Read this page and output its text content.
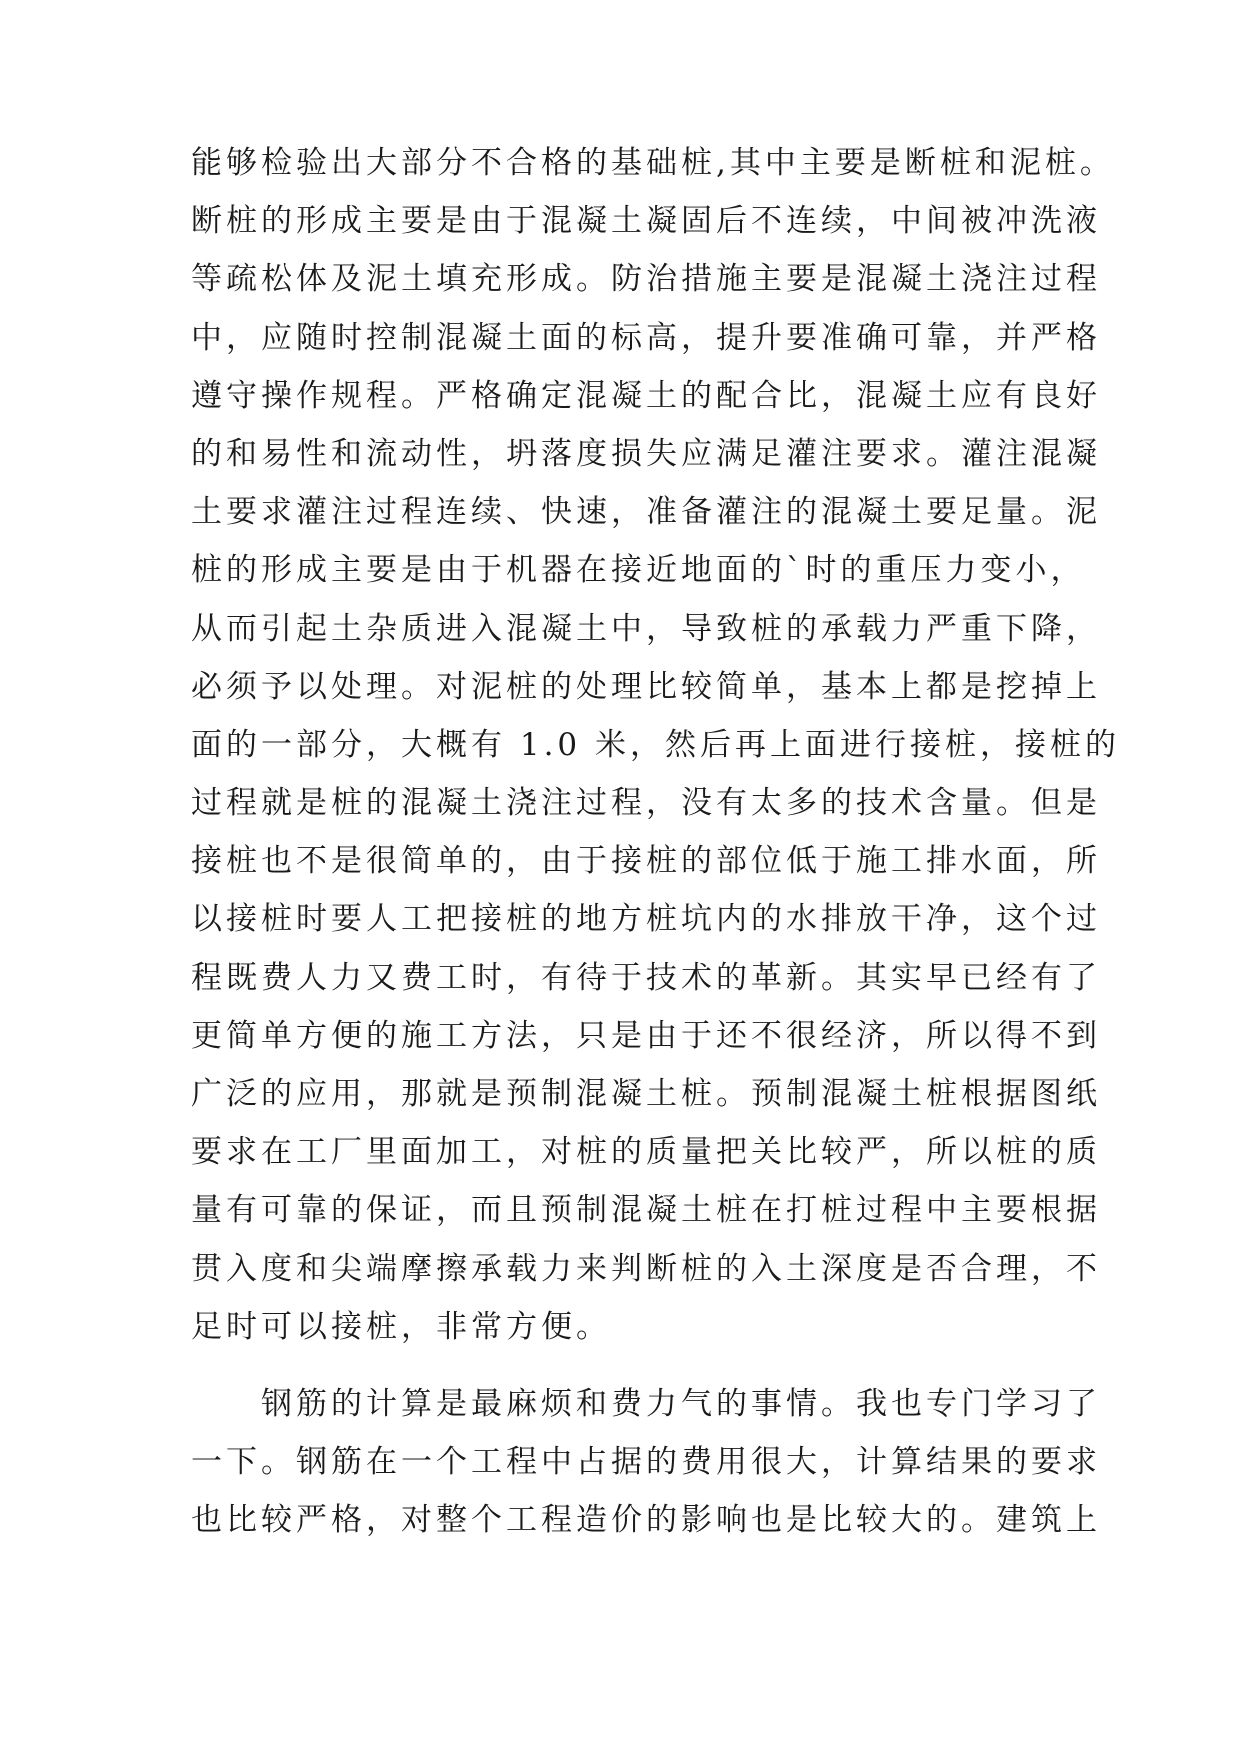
能够检验出大部分不合格的基础桩,其中主要是断桩和泥桩。
断桩的形成主要是由于混凝土凝固后不连续，中间被冲洗液
等疏松体及泥土填充形成。防治措施主要是混凝土浇注过程
中，应随时控制混凝土面的标高，提升要准确可靠，并严格
遵守操作规程。严格确定混凝土的配合比，混凝土应有良好
的和易性和流动性，坍落度损失应满足灌注要求。灌注混凝
土要求灌注过程连续、快速，准备灌注的混凝土要足量。泥
桩的形成主要是由于机器在接近地面的`时的重压力变小，
从而引起土杂质进入混凝土中，导致桩的承载力严重下降，
必须予以处理。对泥桩的处理比较简单，基本上都是挖掉上
面的一部分，大概有 1.0 米，然后再上面进行接桩，接桩的
过程就是桩的混凝土浇注过程，没有太多的技术含量。但是
接桩也不是很简单的，由于接桩的部位低于施工排水面，所
以接桩时要人工把接桩的地方桩坑内的水排放干净，这个过
程既费人力又费工时，有待于技术的革新。其实早已经有了
更简单方便的施工方法，只是由于还不很经济，所以得不到
广泛的应用，那就是预制混凝土桩。预制混凝土桩根据图纸
要求在工厂里面加工，对桩的质量把关比较严，所以桩的质
量有可靠的保证，而且预制混凝土桩在打桩过程中主要根据
贯入度和尖端摩擦承载力来判断桩的入土深度是否合理，不
足时可以接桩，非常方便。
　　钢筋的计算是最麻烦和费力气的事情。我也专门学习了
一下。钢筋在一个工程中占据的费用很大，计算结果的要求
也比较严格，对整个工程造价的影响也是比较大的。建筑上
